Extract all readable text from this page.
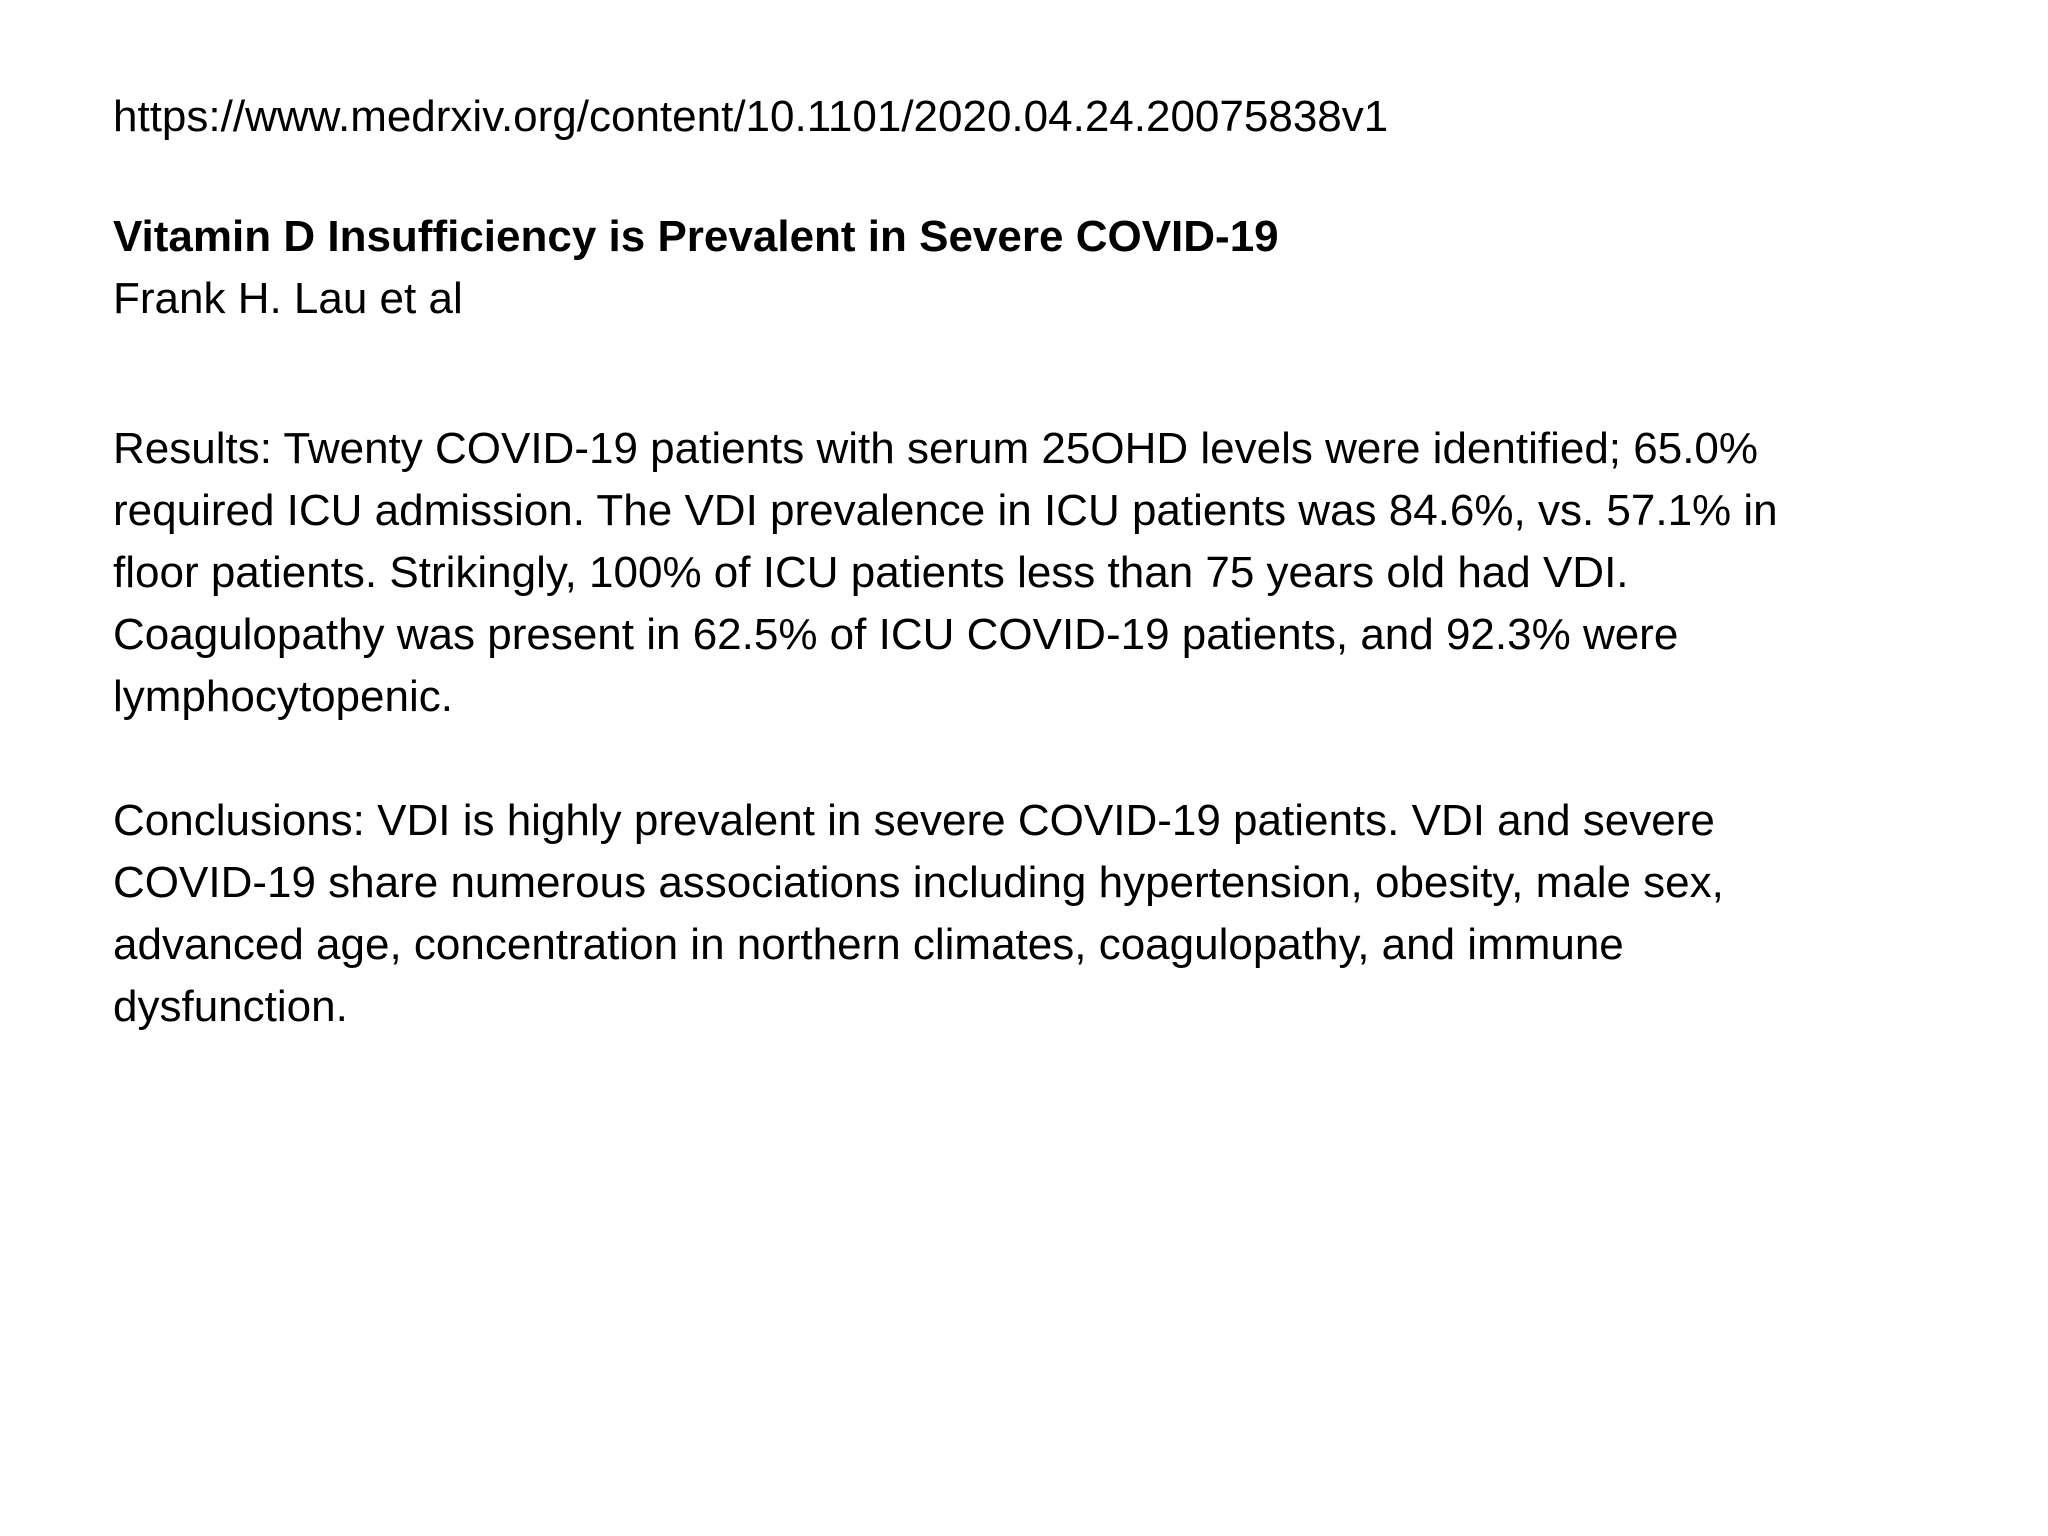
https://www.medrxiv.org/content/10.1101/2020.04.24.20075838v1

Vitamin D Insufficiency is Prevalent in Severe COVID-19

Frank H. Lau et al

Results: Twenty COVID-19 patients with serum 25OHD levels were identified; 65.0%
required ICU admission. The VDI prevalence in ICU patients was 84.6%, vs. 57.1% in
floor patients. Strikingly, 100% of ICU patients less than 75 years old had VDI.
Coagulopathy was present in 62.5% of ICU COVID-19 patients, and 92.3% were
lymphocytopenic.

Conclusions: VDI is highly prevalent in severe COVID-19 patients. VDI and severe
COVID-19 share numerous associations including hypertension, obesity, male sex,
advanced age, concentration in northern climates, coagulopathy, and immune
dysfunction.
